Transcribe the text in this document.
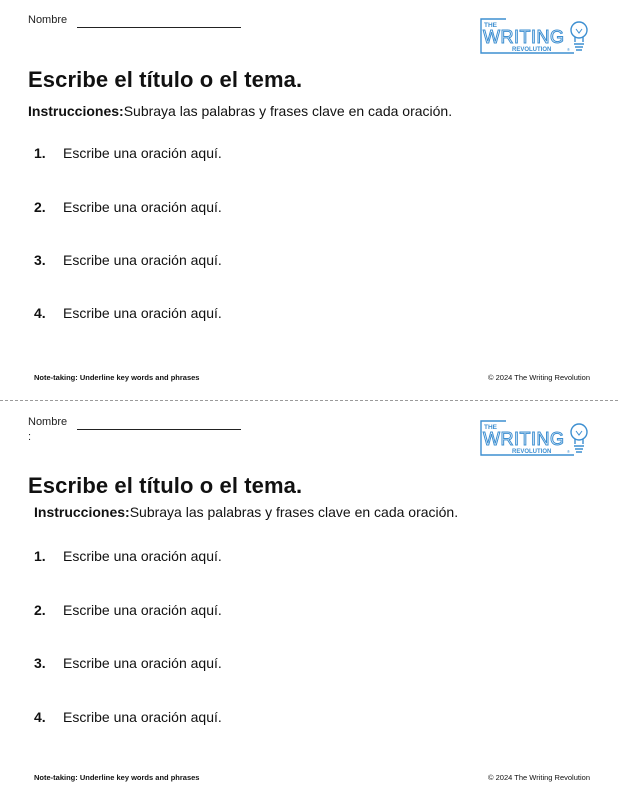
Nombre	THE
WRITING
REVOLUTION	®
Escribe el título o el tema.
Instrucciones:Subraya las palabras y frases clave en cada oración.
1. Escribe una oración aquí.
2. Escribe una oración aquí.
3. Escribe una oración aquí.
4. Escribe una oración aquí.
Note-taking: Underline key words and phrases	© 2024 The Writing Revolution
Nombre
:
THE
WRITING
REVOLUTION	®
Escribe el título o el tema.
Instrucciones:Subraya las palabras y frases clave en cada oración.
1. Escribe una oración aquí.
2. Escribe una oración aquí.
3. Escribe una oración aquí.
4. Escribe una oración aquí.
Note-taking: Underline key words and phrases	© 2024 The Writing Revolution
